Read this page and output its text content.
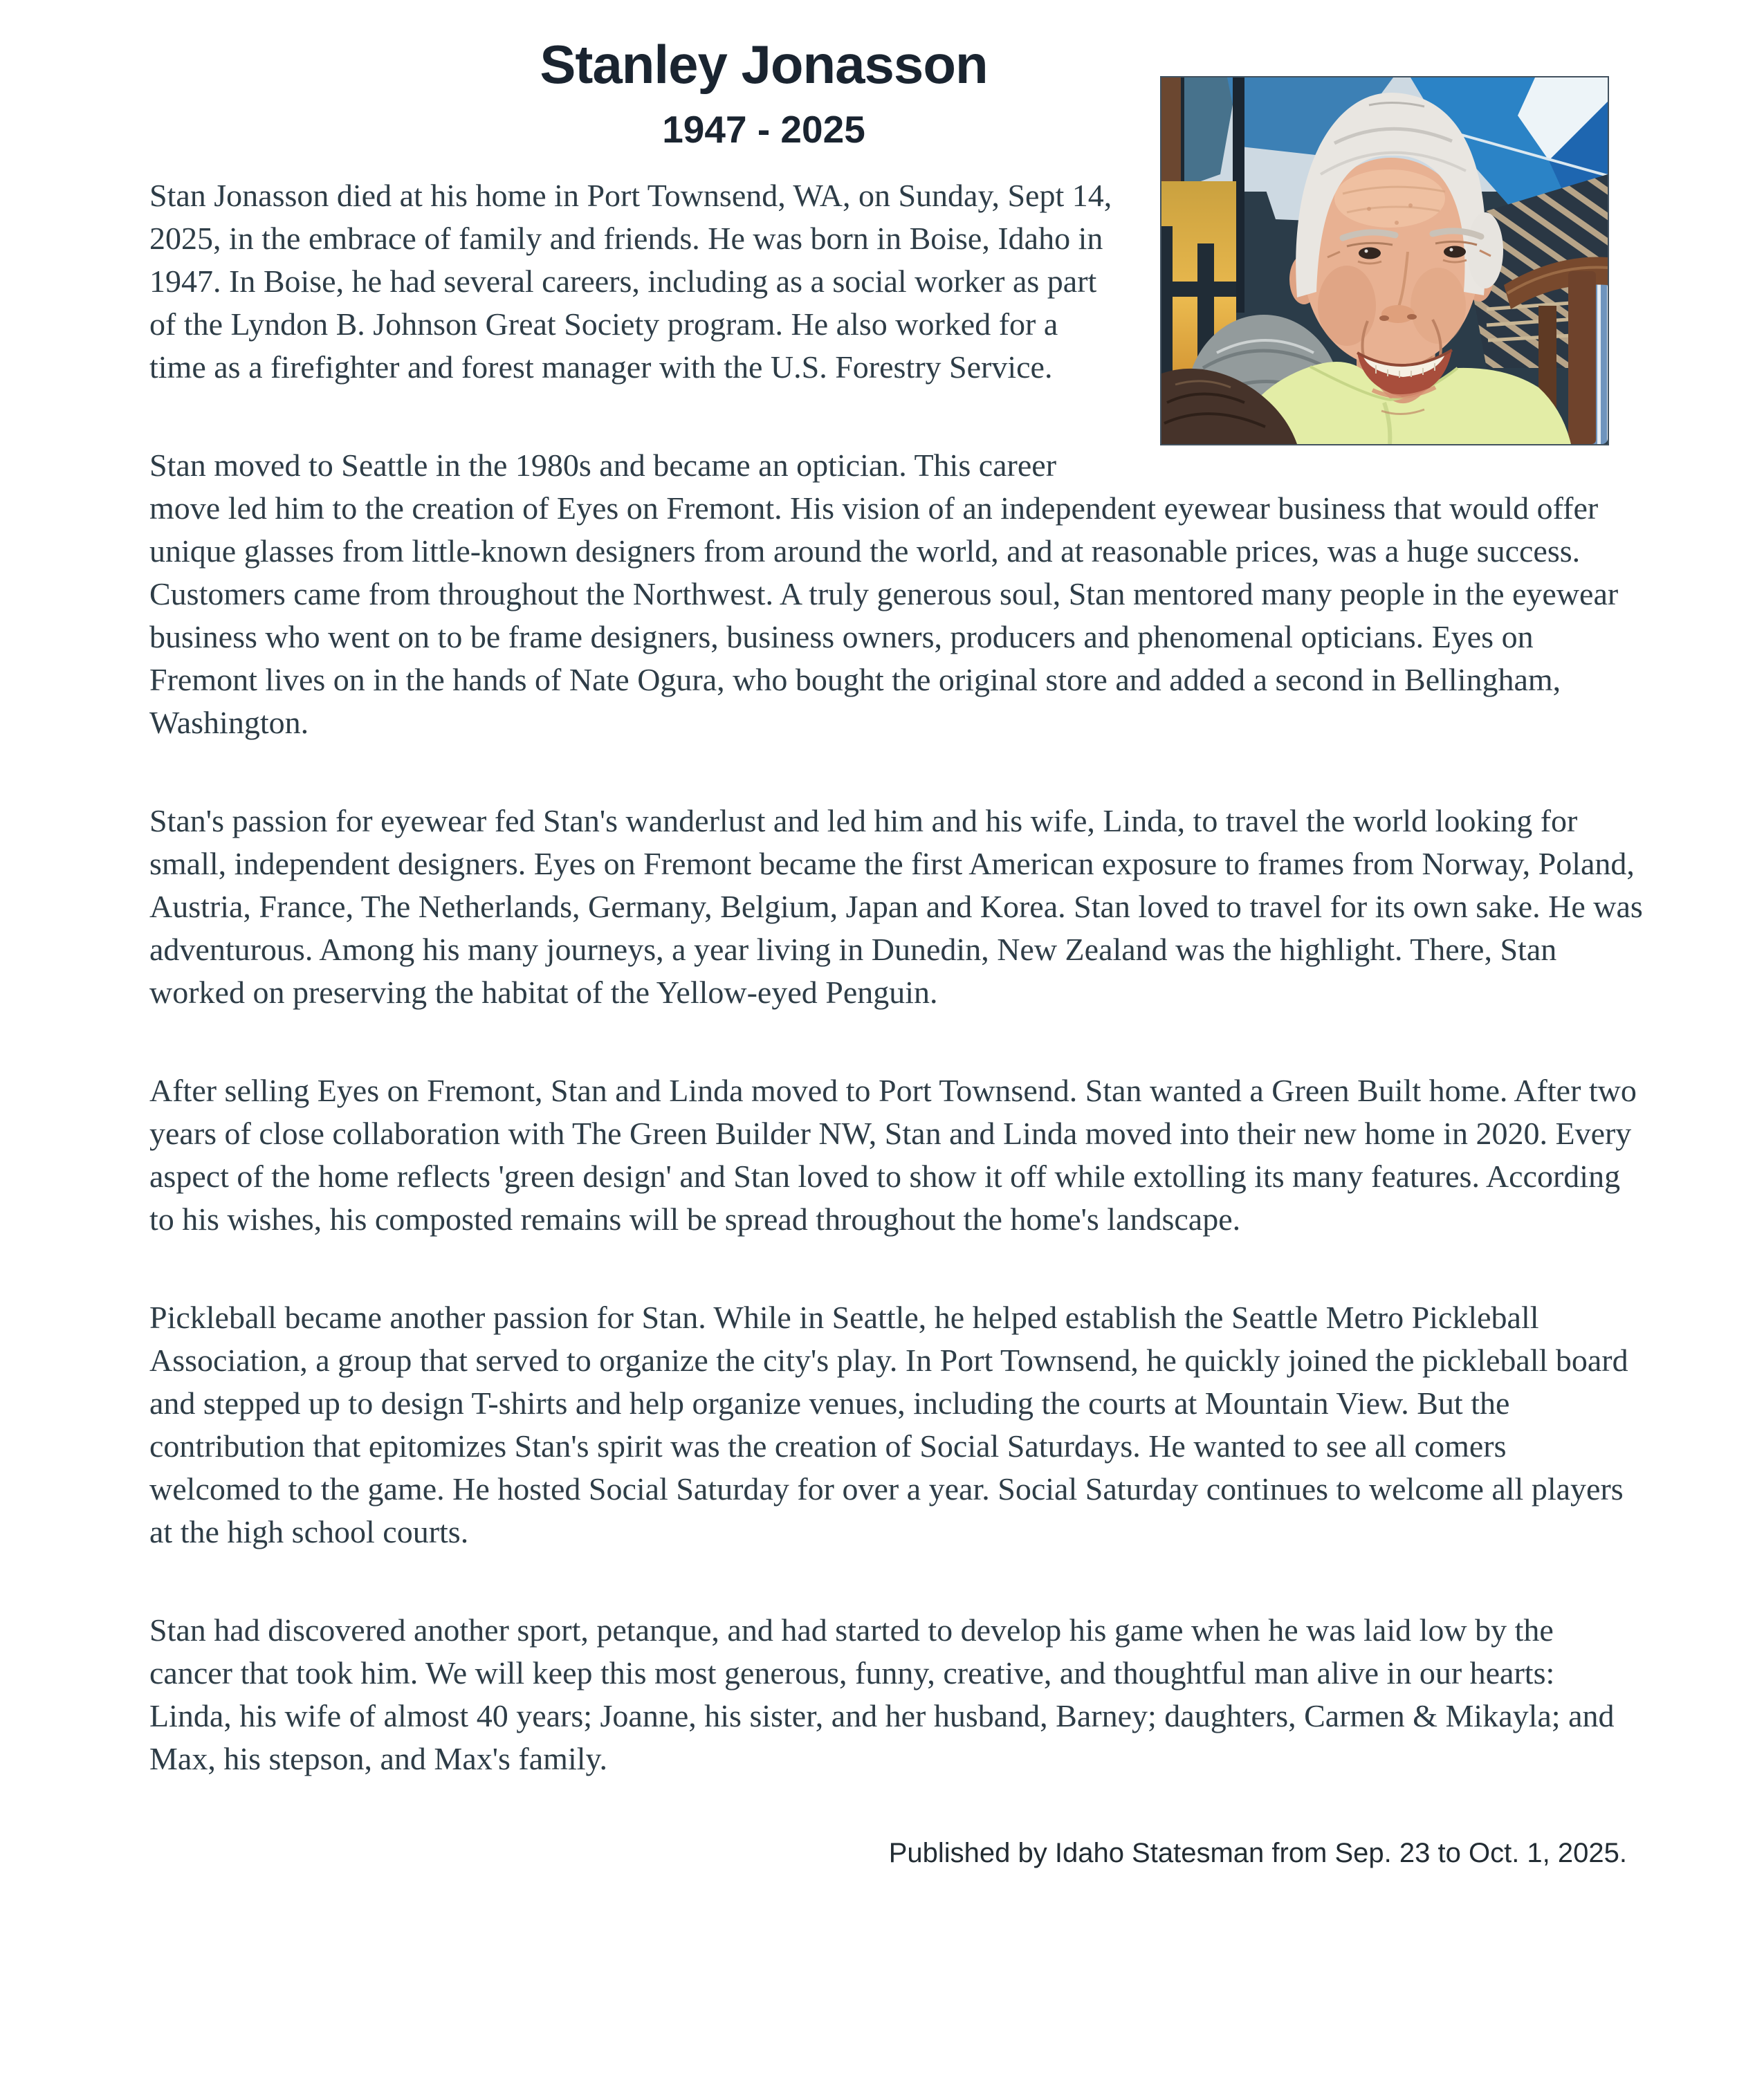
Stanley Jonasson
1947 - 2025

Stan Jonasson died at his home in Port Townsend, WA, on Sunday, Sept 14, 2025, in the embrace of family and friends. He was born in Boise, Idaho in 1947. In Boise, he had several careers, including as a social worker as part of the Lyndon B. Johnson Great Society program. He also worked for a time as a firefighter and forest manager with the U.S. Forestry Service.

Stan moved to Seattle in the 1980s and became an optician. This career move led him to the creation of Eyes on Fremont. His vision of an independent eyewear business that would offer unique glasses from little-known designers from around the world, and at reasonable prices, was a huge success. Customers came from throughout the Northwest. A truly generous soul, Stan mentored many people in the eyewear business who went on to be frame designers, business owners, producers and phenomenal opticians. Eyes on Fremont lives on in the hands of Nate Ogura, who bought the original store and added a second in Bellingham, Washington.

Stan's passion for eyewear fed Stan's wanderlust and led him and his wife, Linda, to travel the world looking for small, independent designers. Eyes on Fremont became the first American exposure to frames from Norway, Poland, Austria, France, The Netherlands, Germany, Belgium, Japan and Korea. Stan loved to travel for its own sake. He was adventurous. Among his many journeys, a year living in Dunedin, New Zealand was the highlight. There, Stan worked on preserving the habitat of the Yellow-eyed Penguin.

After selling Eyes on Fremont, Stan and Linda moved to Port Townsend. Stan wanted a Green Built home. After two years of close collaboration with The Green Builder NW, Stan and Linda moved into their new home in 2020. Every aspect of the home reflects 'green design' and Stan loved to show it off while extolling its many features. According to his wishes, his composted remains will be spread throughout the home's landscape.

Pickleball became another passion for Stan. While in Seattle, he helped establish the Seattle Metro Pickleball Association, a group that served to organize the city's play. In Port Townsend, he quickly joined the pickleball board and stepped up to design T-shirts and help organize venues, including the courts at Mountain View. But the contribution that epitomizes Stan's spirit was the creation of Social Saturdays. He wanted to see all comers welcomed to the game. He hosted Social Saturday for over a year. Social Saturday continues to welcome all players at the high school courts.

Stan had discovered another sport, petanque, and had started to develop his game when he was laid low by the cancer that took him. We will keep this most generous, funny, creative, and thoughtful man alive in our hearts: Linda, his wife of almost 40 years; Joanne, his sister, and her husband, Barney; daughters, Carmen & Mikayla; and Max, his stepson, and Max's family.

Published by Idaho Statesman from Sep. 23 to Oct. 1, 2025.
